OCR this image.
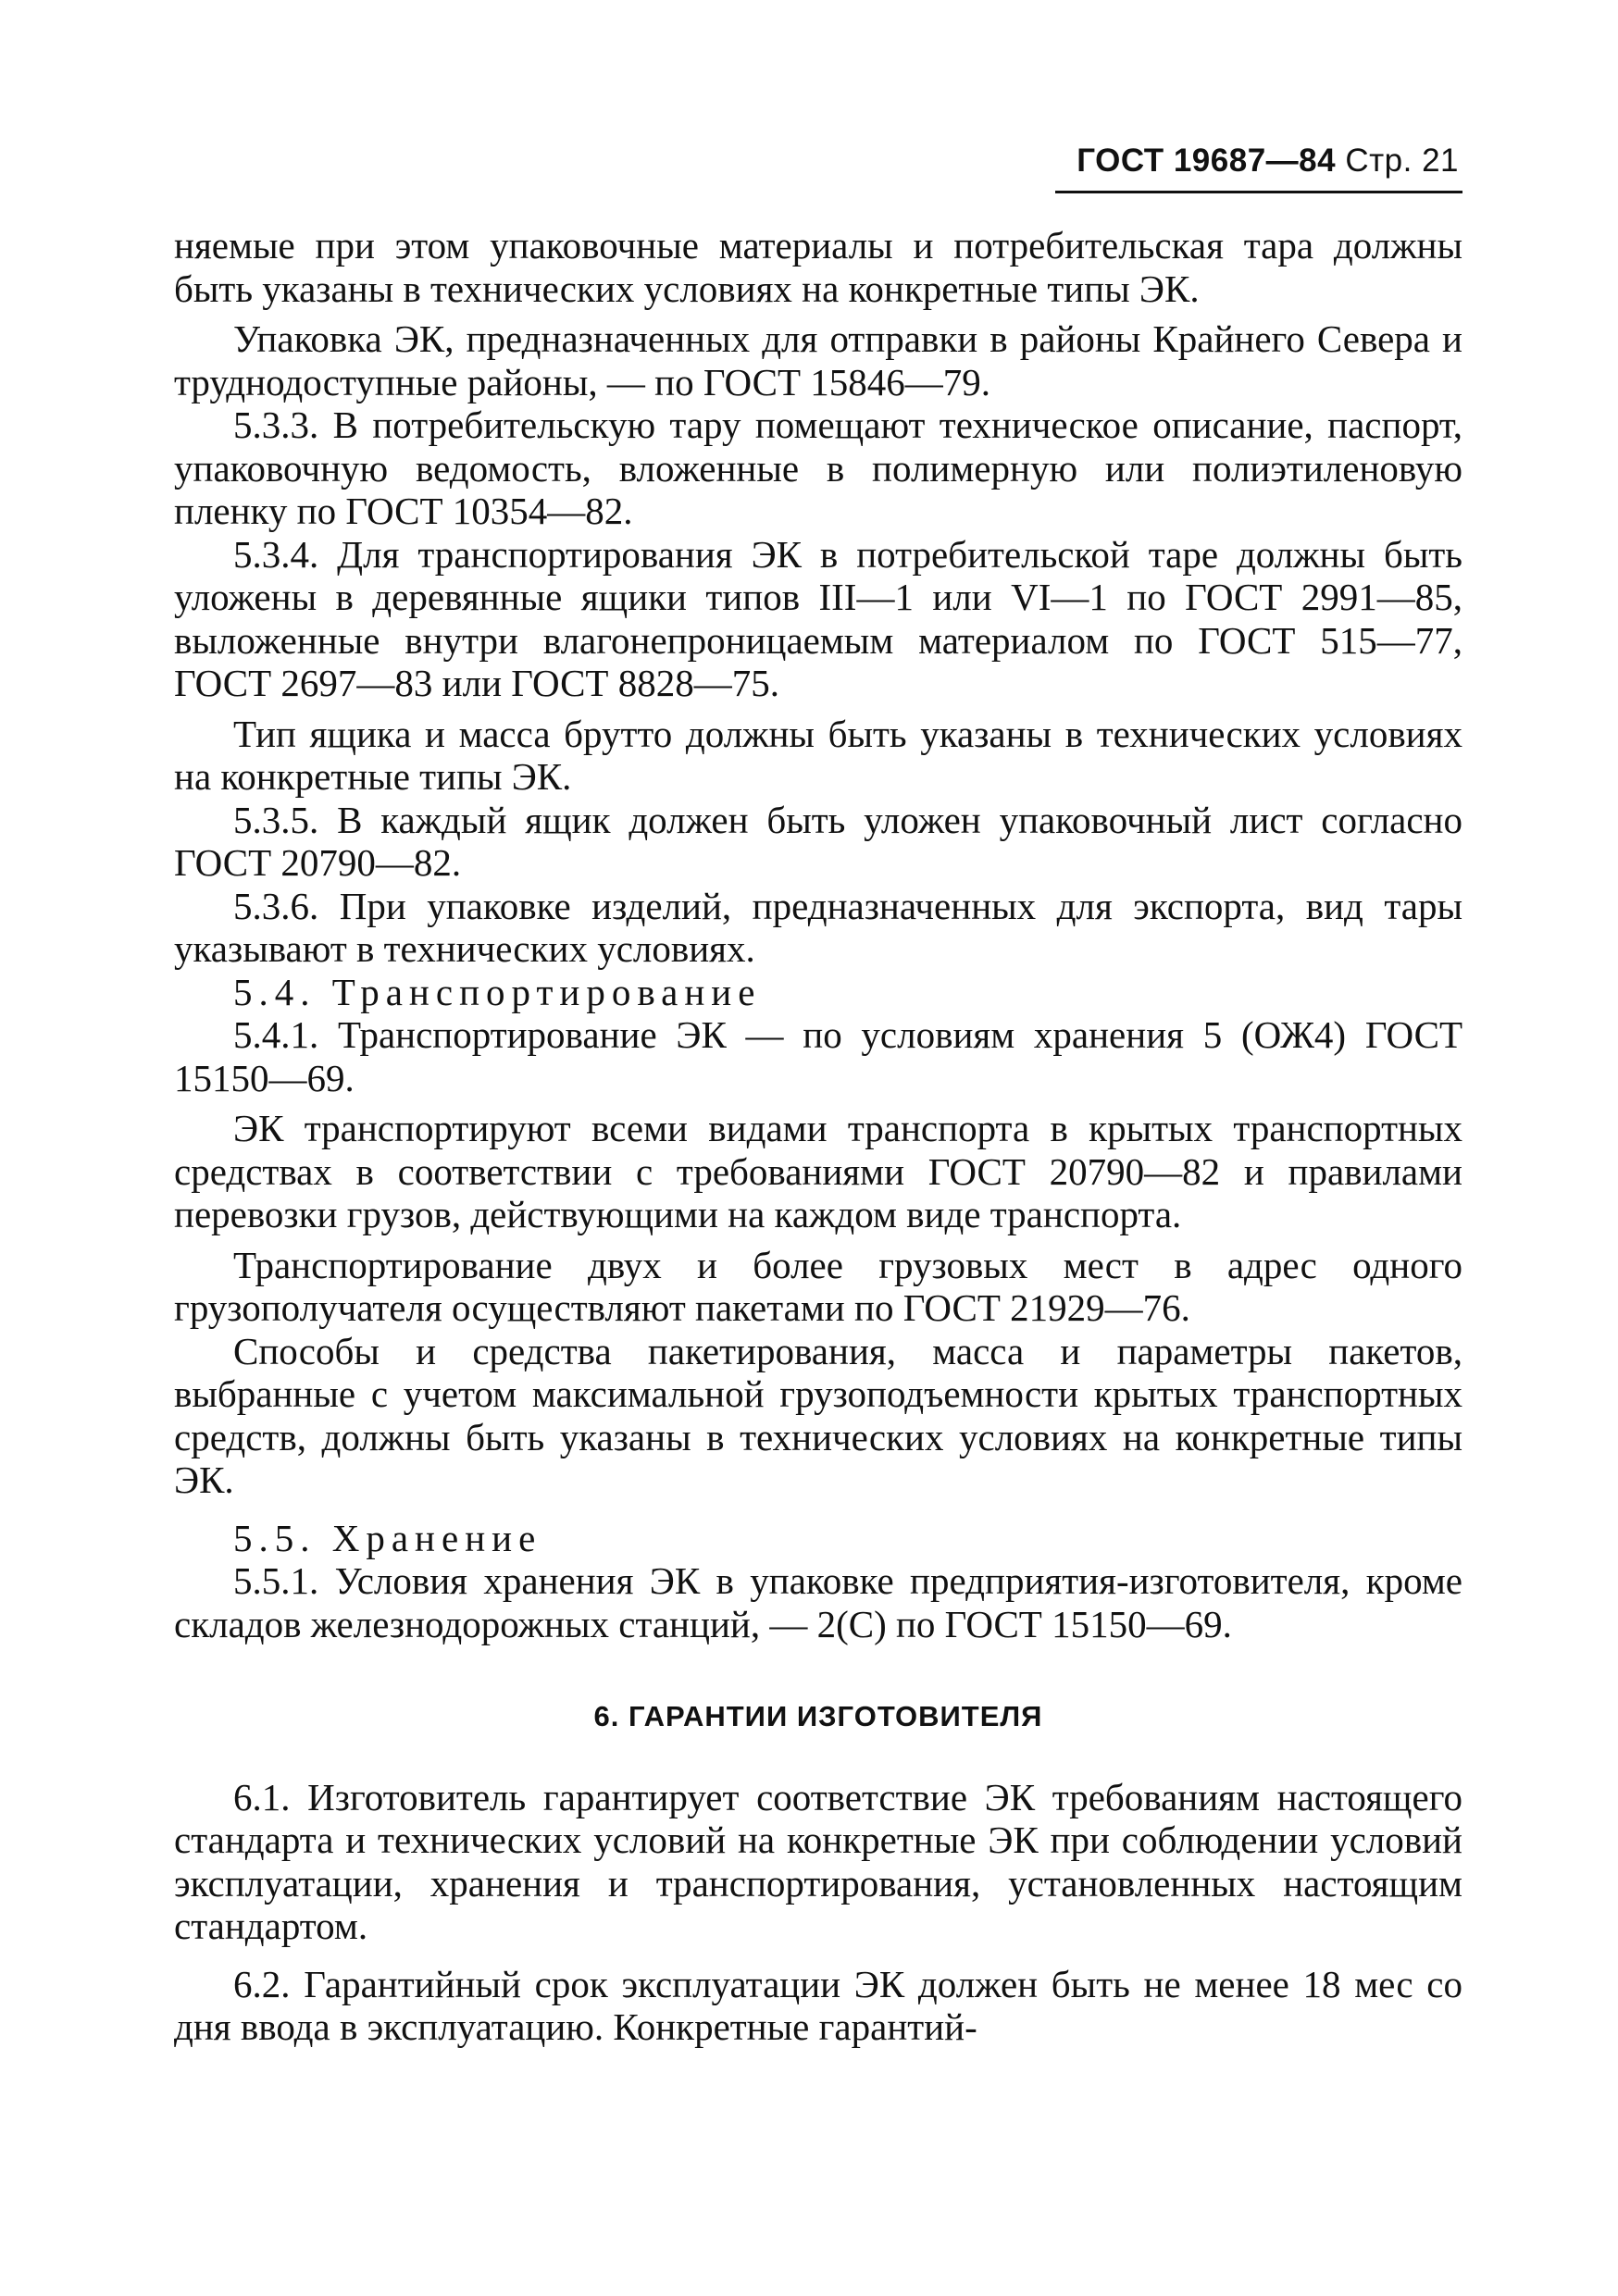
ГОСТ 19687—84 Стр. 21

няемые при этом упаковочные материалы и потребительская тара должны быть указаны в технических условиях на конкретные типы ЭК.

Упаковка ЭК, предназначенных для отправки в районы Крайнего Севера и труднодоступные районы, — по ГОСТ 15846—79.

5.3.3. В потребительскую тару помещают техническое описание, паспорт, упаковочную ведомость, вложенные в полимерную или полиэтиленовую пленку по ГОСТ 10354—82.

5.3.4. Для транспортирования ЭК в потребительской таре должны быть уложены в деревянные ящики типов III—1 или VI—1 по ГОСТ 2991—85, выложенные внутри влагонепроницаемым материалом по ГОСТ 515—77, ГОСТ 2697—83 или ГОСТ 8828—75.

Тип ящика и масса брутто должны быть указаны в технических условиях на конкретные типы ЭК.

5.3.5. В каждый ящик должен быть уложен упаковочный лист согласно ГОСТ 20790—82.

5.3.6. При упаковке изделий, предназначенных для экспорта, вид тары указывают в технических условиях.

5.4. Транспортирование

5.4.1. Транспортирование ЭК — по условиям хранения 5 (ОЖ4) ГОСТ 15150—69.

ЭК транспортируют всеми видами транспорта в крытых транспортных средствах в соответствии с требованиями ГОСТ 20790—82 и правилами перевозки грузов, действующими на каждом виде транспорта.

Транспортирование двух и более грузовых мест в адрес одного грузополучателя осуществляют пакетами по ГОСТ 21929—76.

Способы и средства пакетирования, масса и параметры пакетов, выбранные с учетом максимальной грузоподъемности крытых транспортных средств, должны быть указаны в технических условиях на конкретные типы ЭК.

5.5. Хранение

5.5.1. Условия хранения ЭК в упаковке предприятия-изготовителя, кроме складов железнодорожных станций, — 2(С) по ГОСТ 15150—69.

6. ГАРАНТИИ ИЗГОТОВИТЕЛЯ

6.1. Изготовитель гарантирует соответствие ЭК требованиям настоящего стандарта и технических условий на конкретные ЭК при соблюдении условий эксплуатации, хранения и транспортирования, установленных настоящим стандартом.

6.2. Гарантийный срок эксплуатации ЭК должен быть не менее 18 мес со дня ввода в эксплуатацию. Конкретные гарантий-
